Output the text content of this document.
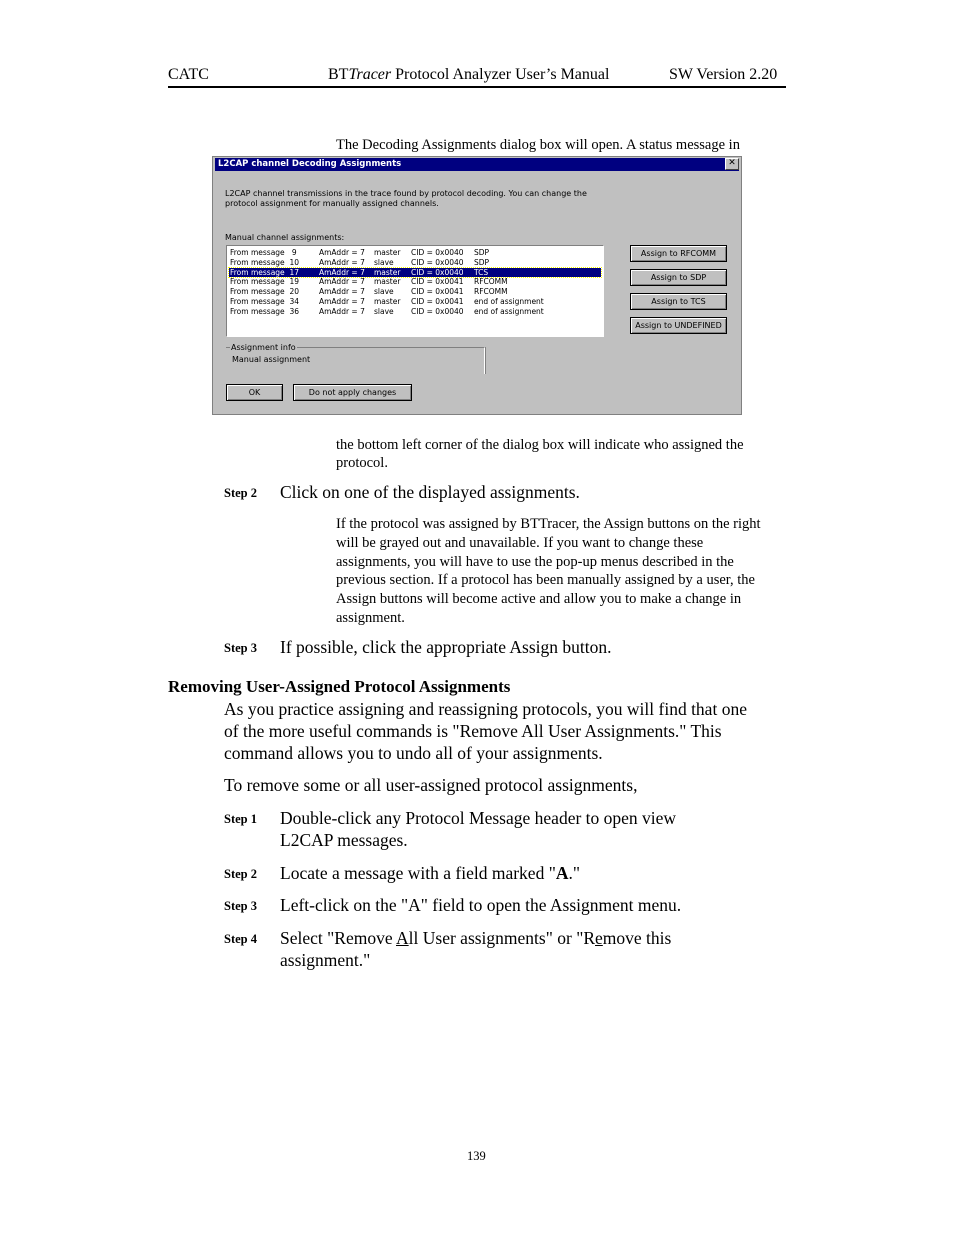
CATC	BTTracer Protocol Analyzer User’s Manual	SW Version 2.20
The Decoding Assignments dialog box will open. A status message in
L2CAP channel Decoding Assignments	✕
L2CAP channel transmissions in the trace found by protocol decoding. You can change the
protocol assignment for manually assigned channels.
Manual channel assignments:
From message   9	AmAddr = 7 master CID = 0x0040 SDP
From message  10	AmAddr = 7 slave CID = 0x0040 SDP
From message  17	AmAddr = 7 master CID = 0x0040 TCS
From message  19	AmAddr = 7 master CID = 0x0041 RFCOMM
From message  20	AmAddr = 7 slave CID = 0x0041 RFCOMM
From message  34	AmAddr = 7 master CID = 0x0041 end of assignment
From message  36	AmAddr = 7 slave CID = 0x0040 end of assignment
Assign to RFCOMM
Assign to SDP
Assign to TCS
Assign to UNDEFINED
Assignment info
Manual assignment
OK	Do not apply changes
the bottom left corner of the dialog box will indicate who assigned the
protocol.
Step 2 Click on one of the displayed assignments.
If the protocol was assigned by BTTracer, the Assign buttons on the right
will be grayed out and unavailable. If you want to change these
assignments, you will have to use the pop-up menus described in the
previous section. If a protocol has been manually assigned by a user, the
Assign buttons will become active and allow you to make a change in
assignment.
Step 3 If possible, click the appropriate Assign button.
Removing User-Assigned Protocol Assignments
As you practice assigning and reassigning protocols, you will find that one
of the more useful commands is "Remove All User Assignments." This
command allows you to undo all of your assignments.
To remove some or all user-assigned protocol assignments,
Step 1 Double-click any Protocol Message header to open view
L2CAP messages.
Step 2 Locate a message with a field marked "A."
Step 3 Left-click on the "A" field to open the Assignment menu.
Step 4 Select "Remove All User assignments" or "Remove this
assignment."
139
